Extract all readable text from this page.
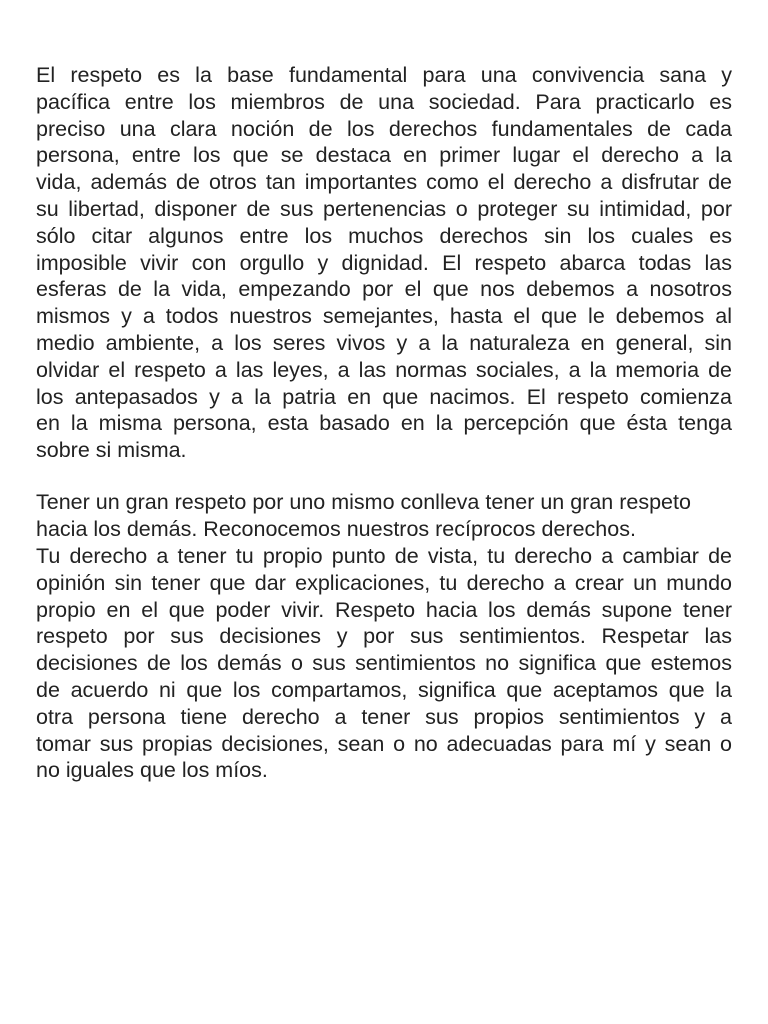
El respeto es la base fundamental para una convivencia sana y
pacífica entre los miembros de una sociedad. Para practicarlo es
preciso una clara noción de los derechos fundamentales de cada
persona, entre los que se destaca en primer lugar el derecho a la
vida, además de otros tan importantes como el derecho a disfrutar de
su libertad, disponer de sus pertenencias o proteger su intimidad, por
sólo citar algunos entre los muchos derechos sin los cuales es
imposible vivir con orgullo y dignidad. El respeto abarca todas las
esferas de la vida, empezando por el que nos debemos a nosotros
mismos y a todos nuestros semejantes, hasta el que le debemos al
medio ambiente, a los seres vivos y a la naturaleza en general, sin
olvidar el respeto a las leyes, a las normas sociales, a la memoria de
los antepasados y a la patria en que nacimos. El respeto comienza
en la misma persona, esta basado en la percepción que ésta tenga
sobre si misma.

Tener un gran respeto por uno mismo conlleva tener un gran respeto
hacia los demás. Reconocemos nuestros recíprocos derechos.

Tu derecho a tener tu propio punto de vista, tu derecho a cambiar de
opinión sin tener que dar explicaciones, tu derecho a crear un mundo
propio en el que poder vivir. Respeto hacia los demás supone tener
respeto por sus decisiones y por sus sentimientos. Respetar las
decisiones de los demás o sus sentimientos no significa que estemos
de acuerdo ni que los compartamos, significa que aceptamos que la
otra persona tiene derecho a tener sus propios sentimientos y a
tomar sus propias decisiones, sean o no adecuadas para mí y sean o
no iguales que los míos.
